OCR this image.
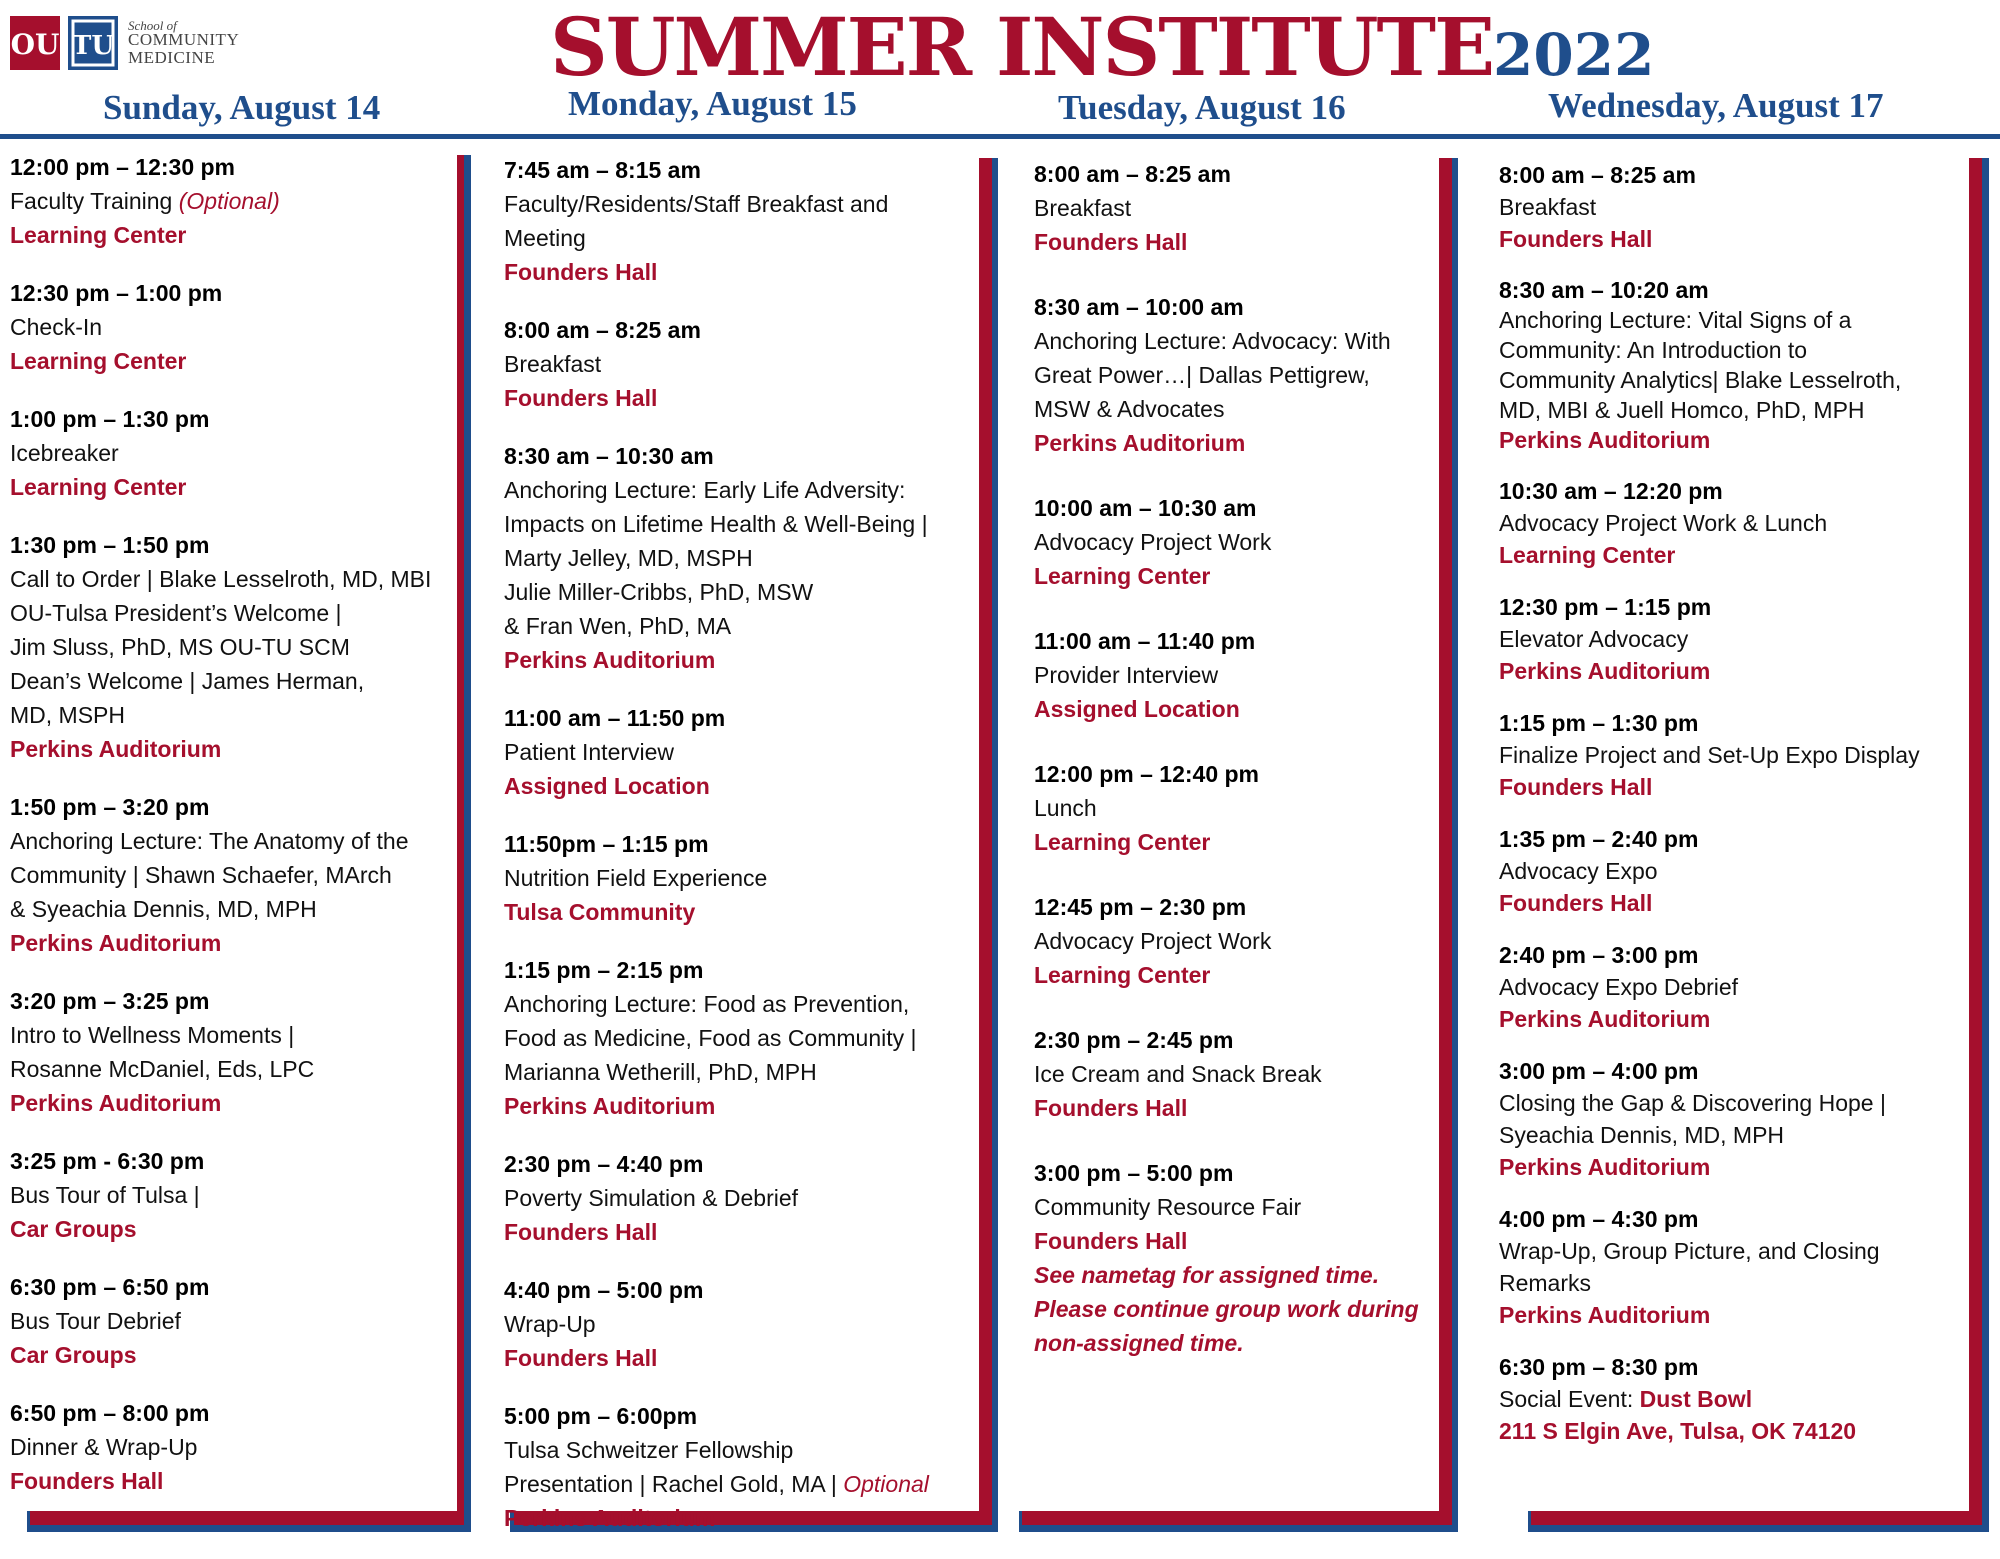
OU TU
School of
COMMUNITY
MEDICINE	SUMMER INSTITUTE2022
Sunday, August 14	Monday, August 15	Tuesday, August 16	Wednesday, August 17
12:00 pm – 12:30 pm
Faculty Training (Optional)
Learning Center
12:30 pm – 1:00 pm
Check-In
Learning Center
1:00 pm – 1:30 pm
Icebreaker
Learning Center
1:30 pm – 1:50 pm
Call to Order | Blake Lesselroth, MD, MBI
OU-Tulsa President’s Welcome |
Jim Sluss, PhD, MS OU-TU SCM
Dean’s Welcome | James Herman,
MD, MSPH
Perkins Auditorium
1:50 pm – 3:20 pm
Anchoring Lecture: The Anatomy of the
Community | Shawn Schaefer, MArch
& Syeachia Dennis, MD, MPH
Perkins Auditorium
3:20 pm – 3:25 pm
Intro to Wellness Moments |
Rosanne McDaniel, Eds, LPC
Perkins Auditorium
3:25 pm - 6:30 pm
Bus Tour of Tulsa |
Car Groups
6:30 pm – 6:50 pm
Bus Tour Debrief
Car Groups
6:50 pm – 8:00 pm
Dinner & Wrap-Up
Founders Hall
7:45 am – 8:15 am
Faculty/Residents/Staff Breakfast and
Meeting
Founders Hall
8:00 am – 8:25 am
Breakfast
Founders Hall
8:30 am – 10:30 am
Anchoring Lecture: Early Life Adversity:
Impacts on Lifetime Health & Well-Being |
Marty Jelley, MD, MSPH
Julie Miller-Cribbs, PhD, MSW
& Fran Wen, PhD, MA
Perkins Auditorium
11:00 am – 11:50 pm
Patient Interview
Assigned Location
11:50pm – 1:15 pm
Nutrition Field Experience
Tulsa Community
1:15 pm – 2:15 pm
Anchoring Lecture: Food as Prevention,
Food as Medicine, Food as Community |
Marianna Wetherill, PhD, MPH
Perkins Auditorium
2:30 pm – 4:40 pm
Poverty Simulation & Debrief
Founders Hall
4:40 pm – 5:00 pm
Wrap-Up
Founders Hall
5:00 pm – 6:00pm
Tulsa Schweitzer Fellowship
Presentation | Rachel Gold, MA | Optional
Perkins Auditorium
8:00 am – 8:25 am
Breakfast
Founders Hall
8:30 am – 10:00 am
Anchoring Lecture: Advocacy: With
Great Power…| Dallas Pettigrew,
MSW & Advocates
Perkins Auditorium
10:00 am – 10:30 am
Advocacy Project Work
Learning Center
11:00 am – 11:40 pm
Provider Interview
Assigned Location
12:00 pm – 12:40 pm
Lunch
Learning Center
12:45 pm – 2:30 pm
Advocacy Project Work
Learning Center
2:30 pm – 2:45 pm
Ice Cream and Snack Break
Founders Hall
3:00 pm – 5:00 pm
Community Resource Fair
Founders Hall
See nametag for assigned time.
Please continue group work during
non-assigned time.
8:00 am – 8:25 am
Breakfast
Founders Hall
8:30 am – 10:20 am
Anchoring Lecture: Vital Signs of a
Community: An Introduction to
Community Analytics| Blake Lesselroth,
MD, MBI & Juell Homco, PhD, MPH
Perkins Auditorium
10:30 am – 12:20 pm
Advocacy Project Work & Lunch
Learning Center
12:30 pm – 1:15 pm
Elevator Advocacy
Perkins Auditorium
1:15 pm – 1:30 pm
Finalize Project and Set-Up Expo Display
Founders Hall
1:35 pm – 2:40 pm
Advocacy Expo
Founders Hall
2:40 pm – 3:00 pm
Advocacy Expo Debrief
Perkins Auditorium
3:00 pm – 4:00 pm
Closing the Gap & Discovering Hope |
Syeachia Dennis, MD, MPH
Perkins Auditorium
4:00 pm – 4:30 pm
Wrap-Up, Group Picture, and Closing
Remarks
Perkins Auditorium
6:30 pm – 8:30 pm
Social Event: Dust Bowl
211 S Elgin Ave, Tulsa, OK 74120
